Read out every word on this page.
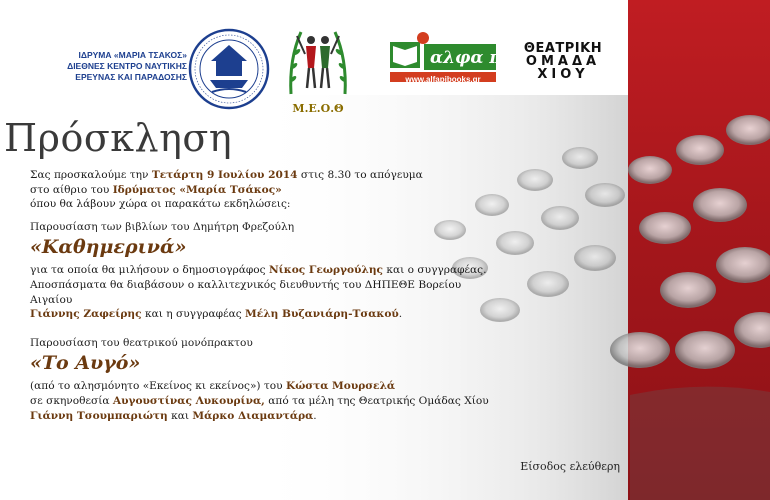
ΙΔΡΥΜΑ «ΜΑΡΙΑ ΤΣΑΚΟΣ»
ΔΙΕΘΝΕΣ ΚΕΝΤΡΟ ΝΑΥΤΙΚΗΣ
ΕΡΕΥΝΑΣ ΚΑΙ ΠΑΡΑΔΟΣΗΣ
Μ.Ε.Ο.Θ
αλφα πι
www.alfapibooks.gr
ΘΕΑΤΡΙΚΗ
ΟΜΑΔΑ
ΧΙΟΥ
Πρόσκληση

Σας προσκαλούμε την Τετάρτη 9 Ιουλίου 2014 στις 8.30 το απόγευμα

στο αίθριο του Ιδρύματος «Μαρία Τσάκος»

όπου θα λάβουν χώρα οι παρακάτω εκδηλώσεις:

Παρουσίαση των βιβλίων του Δημήτρη Φρεζούλη

«Καθημερινά»

για τα οποία θα μιλήσουν ο δημοσιογράφος Νίκος Γεωργούλης και ο συγγραφέας.

Αποσπάσματα θα διαβάσουν ο καλλιτεχνικός διευθυντής του ΔΗΠΕΘΕ Βορείου Αιγαίου

Γιάννης Ζαφείρης και η συγγραφέας Μέλη Βυζανιάρη-Τσακού.

Παρουσίαση του θεατρικού μονόπρακτου

«Το Αυγό»

(από το αλησμόνητο «Εκείνος κι εκείνος») του Κώστα Μουρσελά

σε σκηνοθεσία Αυγουστίνας Λυκουρίνα, από τα μέλη της Θεατρικής Ομάδας Χίου

Γιάννη Τσουμπαριώτη και Μάρκο Διαμαντάρα.

Είσοδος ελεύθερη
